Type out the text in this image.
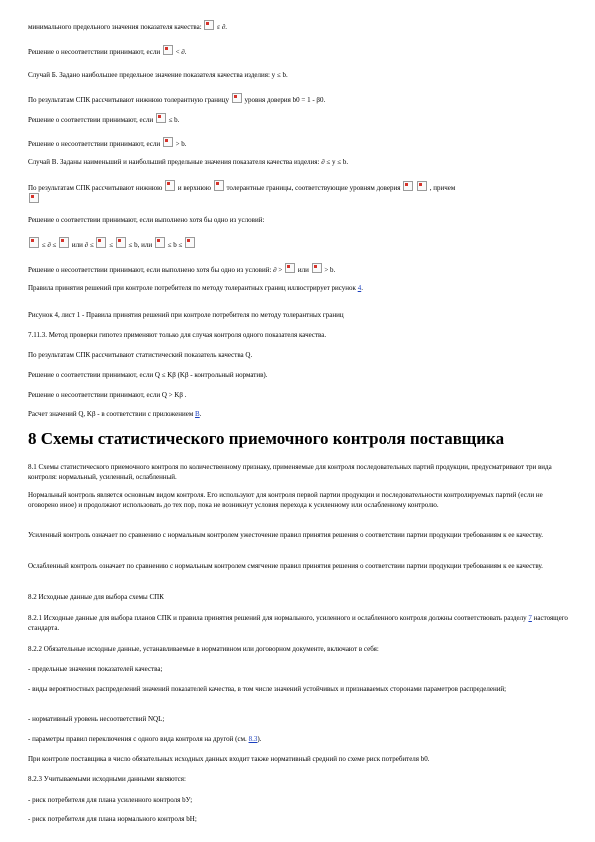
минимального предельного значения показателя качества: ε ∂.
Решение о несоответствии принимают, если < ∂.
Случай Б. Задано наибольшее предельное значение показателя качества изделия: у ≤ b.
По результатам СПК рассчитывают нижнюю толерантную границу уровня доверия b0 = 1 - β0.
Решение о соответствии принимают, если ≤ b.
Решение о несоответствии принимают, если > b.
Случай В. Заданы наименьший и наибольший предельные значения показателя качества изделия: ∂ ≤ у ≤ b.
По результатам СПК рассчитывают нижнюю и верхнюю толерантные границы, соответствующие уровням доверия	, причем

Решение о соответствии принимают, если выполнено хотя бы одно из условий:
≤ ∂ ≤ или ∂ ≤ ≤ ≤ b, или ≤ b ≤
Решение о несоответствии принимают, если выполнено хотя бы одно из условий: ∂ > или > b.
Правила принятия решений при контроле потребителя по методу толерантных границ иллюстрирует рисунок 4.
Рисунок 4, лист 1 - Правила принятия решений при контроле потребителя по методу толерантных границ
7.11.3. Метод проверки гипотез применяют только для случая контроля одного показателя качества.
По результатам СПК рассчитывают статистический показатель качества Q.
Решение о соответствии принимают, если Q ≤ Kβ (Kβ - контрольный норматив).
Решение о несоответствии принимают, если Q > Kβ .
Расчет значений Q, Kβ - в соответствии с приложением В.
8 Схемы статистического приемочного контроля поставщика
8.1 Схемы статистического приемочного контроля по количественному признаку, применяемые для контроля последовательных партий продукции, предусматривают три вида контроля: нормальный, усиленный, ослабленный.
Нормальный контроль является основным видом контроля. Его используют для контроля первой партии продукции и последовательности контролируемых партий (если не оговорено иное) и продолжают использовать до тех пор, пока не возникнут условия перехода к усиленному или ослабленному контролю.
Усиленный контроль означает по сравнению с нормальным контролем ужесточение правил принятия решения о соответствии партии продукции требованиям к ее качеству.
Ослабленный контроль означает по сравнению с нормальным контролем смягчение правил принятия решения о соответствии партии продукции требованиям к ее качеству.
8.2 Исходные данные для выбора схемы СПК
8.2.1 Исходные данные для выбора планов СПК и правила принятия решений для нормального, усиленного и ослабленного контроля должны соответствовать разделу 7 настоящего стандарта.
8.2.2 Обязательные исходные данные, устанавливаемые в нормативном или договорном документе, включают в себя:
- предельные значения показателей качества;
- виды вероятностных распределений значений показателей качества, в том числе значений устойчивых и признаваемых сторонами параметров распределений;
- нормативный уровень несоответствий NQL;
- параметры правил переключения с одного вида контроля на другой (см. 8.3).
При контроле поставщика в число обязательных исходных данных входит также нормативный средний по схеме риск потребителя b0.
8.2.3 Учитываемыми исходными данными являются:
- риск потребителя для плана усиленного контроля bУ;
- риск потребителя для плана нормального контроля bН;
